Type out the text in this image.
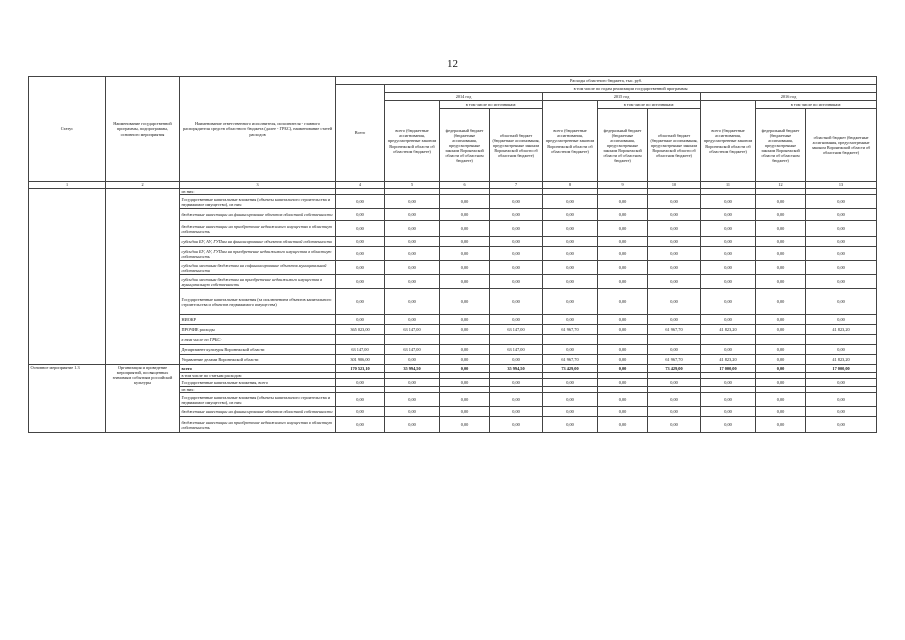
12
Статус	Наименование государственной программы, подпрограммы, основного мероприятия	Наименование ответственного исполнителя, исполнителя - главного распорядителя средств областного бюджета (далее - ГРБС), наименование статей расходов	Расходы областного бюджета, тыс. руб.									
			Всего	в том числе по годам реализации государственной программы								
				2014 год			2015 год			2016 год		
				всего (бюджетные ассигнования, предусмотренные законом Воронежской области об областном бюджете)	в том числе по источникам:		всего (бюджетные ассигнования, предусмотренные законом Воронежской области об областном бюджете)	в том числе по источникам:		всего (бюджетные ассигнования, предусмотренные законом Воронежской области об областном бюджете)	в том числе по источникам:	
					федеральный бюджет (бюджетные ассигнования, предусмотренные законом Воронежской области об областном бюджете)	областной бюджет (бюджетные ассигнования, предусмотренные законом Воронежской области об областном бюджете)		федеральный бюджет (бюджетные ассигнования, предусмотренные законом Воронежской области об областном бюджете)	областной бюджет (бюджетные ассигнования, предусмотренные законом Воронежской области об областном бюджете)		федеральный бюджет (бюджетные ассигнования, предусмотренные законом Воронежской области об областном бюджете)	областной бюджет (бюджетные ассигнования, предусмотренные законом Воронежской области об областном бюджете)
1	2	3	4	5	6	7	8	9	10	11	12	13
		из них:										
		Государственные капитальные вложения (объекты капитального строительства и недвижимое имущество), из них:	0,00	0,00	0,00	0,00	0,00	0,00	0,00	0,00	0,00	0,00
		бюджетные инвестиции на финансирование объектов областной собственности	0,00	0,00	0,00	0,00	0,00	0,00	0,00	0,00	0,00	0,00
		бюджетные инвестиции на приобретение недвижимого имущества в областную собственность	0,00	0,00	0,00	0,00	0,00	0,00	0,00	0,00	0,00	0,00
		субсидии БУ, АУ, ГУПам на финансирование объектов областной собственности	0,00	0,00	0,00	0,00	0,00	0,00	0,00	0,00	0,00	0,00
		субсидии БУ, АУ, ГУПам на приобретение недвижимого имущества в областную собственность	0,00	0,00	0,00	0,00	0,00	0,00	0,00	0,00	0,00	0,00
		субсидии местным бюджетам на софинансирование объектов муниципальной собственности	0,00	0,00	0,00	0,00	0,00	0,00	0,00	0,00	0,00	0,00
		субсидии местным бюджетам на приобретение недвижимого имущества в муниципальную собственность	0,00	0,00	0,00	0,00	0,00	0,00	0,00	0,00	0,00	0,00
		Государственные капитальные вложения (за исключением объектов капитального строительства и объектов недвижимого имущества)	0,00	0,00	0,00	0,00	0,00	0,00	0,00	0,00	0,00	0,00
		НИОКР	0,00	0,00	0,00	0,00	0,00	0,00	0,00	0,00	0,00	0,00
		ПРОЧИЕ расходы	365 023,00	63 147,00	0,00	63 147,00	61 967,70	0,00	61 967,70	41 823,20	0,00	41 823,20
		в том числе по ГРБС:										
		Департамент культуры Воронежской области	63 147,00	63 147,00	0,00	63 147,00	0,00	0,00	0,00	0,00	0,00	0,00
		Управление делами Воронежской области	301 906,00	0,00	0,00	0,00	61 967,70	0,00	61 967,70	41 823,20	0,00	41 823,20
Основное мероприятие 1.3	Организация и проведение мероприятий, посвященных значимым событиям российской культуры	всего	170 523,10	35 994,50	0,00	35 994,50	73 429,00	0,00	73 429,00	17 000,00	0,00	17 000,00
		в том числе по статьям расходов:										
		Государственные капитальные вложения, всего	0,00	0,00	0,00	0,00	0,00	0,00	0,00	0,00	0,00	0,00
		из них:										
		Государственные капитальные вложения (объекты капитального строительства и недвижимое имущество), из них:	0,00	0,00	0,00	0,00	0,00	0,00	0,00	0,00	0,00	0,00
		бюджетные инвестиции на финансирование объектов областной собственности	0,00	0,00	0,00	0,00	0,00	0,00	0,00	0,00	0,00	0,00
		бюджетные инвестиции на приобретение недвижимого имущества в областную собственность	0,00	0,00	0,00	0,00	0,00	0,00	0,00	0,00	0,00	0,00
